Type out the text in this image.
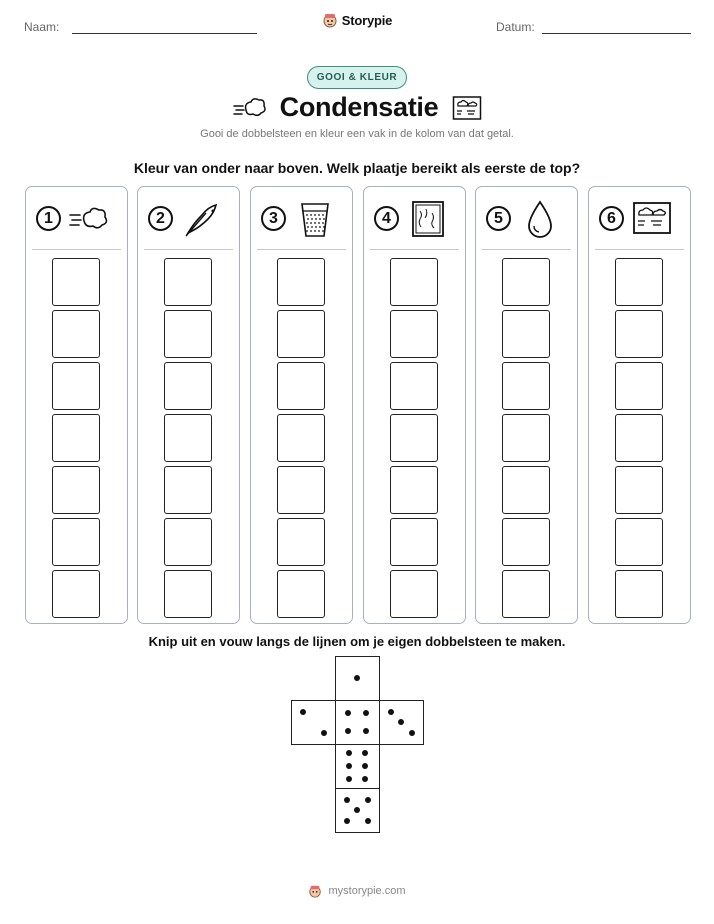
Naam:	Storypie	Datum:
GOOI & KLEUR
Condensatie
Gooi de dobbelsteen en kleur een vak in de kolom van dat getal.
Kleur van onder naar boven. Welk plaatje bereikt als eerste de top?
1	2	3	4	5	6
Knip uit en vouw langs de lijnen om je eigen dobbelsteen te maken.
mystorypie.com
